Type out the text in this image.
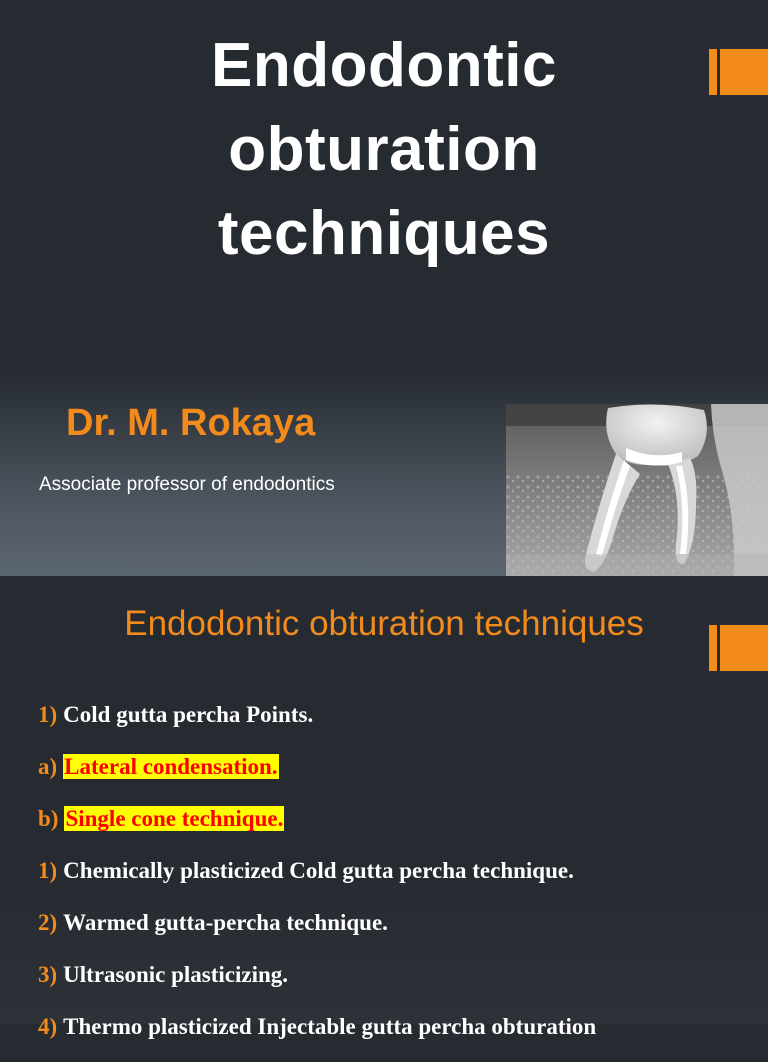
Endodontic
obturation
techniques
Dr. M. Rokaya
Associate professor of endodontics
Endodontic obturation techniques
1) Cold gutta percha Points.
a) Lateral condensation.
b) Single cone technique.
1) Chemically plasticized Cold gutta percha technique.
2) Warmed gutta-percha technique.
3) Ultrasonic plasticizing.
4) Thermo plasticized Injectable gutta percha obturation
